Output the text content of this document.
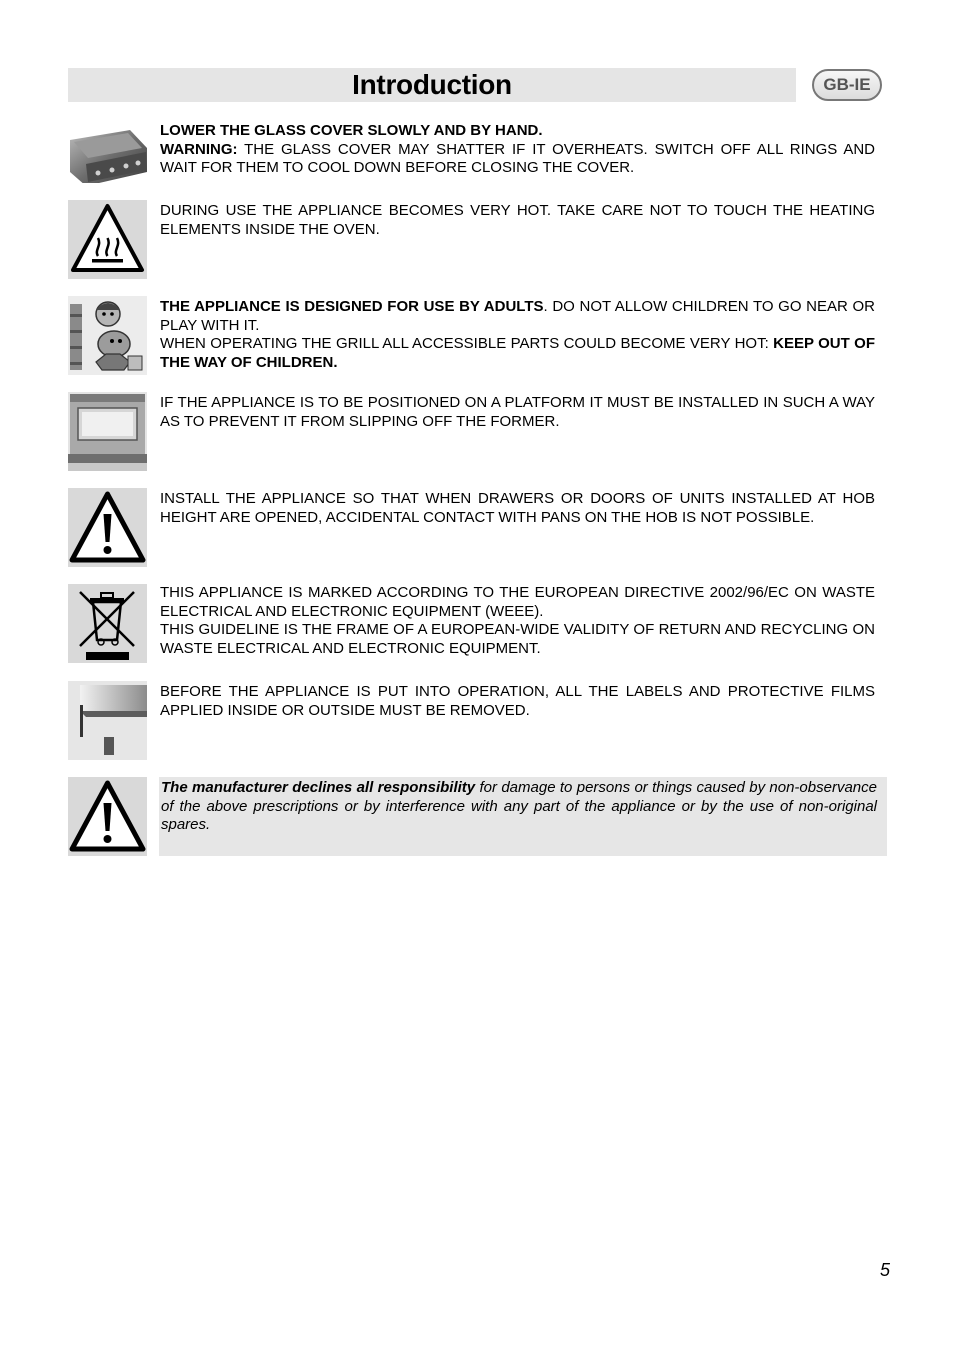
Introduction	GB-IE
LOWER THE GLASS COVER SLOWLY AND BY HAND.
WARNING: THE GLASS COVER MAY SHATTER IF IT OVERHEATS. SWITCH OFF ALL RINGS AND WAIT FOR THEM TO COOL DOWN BEFORE CLOSING THE COVER.
DURING USE THE APPLIANCE BECOMES VERY HOT. TAKE CARE NOT TO TOUCH THE HEATING ELEMENTS INSIDE THE OVEN.
THE APPLIANCE IS DESIGNED FOR USE BY ADULTS. DO NOT ALLOW CHILDREN TO GO NEAR OR PLAY WITH IT.
WHEN OPERATING THE GRILL ALL ACCESSIBLE PARTS COULD BECOME VERY HOT: KEEP OUT OF THE WAY OF CHILDREN.
IF THE APPLIANCE IS TO BE POSITIONED ON A PLATFORM IT MUST BE INSTALLED IN SUCH A WAY AS TO PREVENT IT FROM SLIPPING OFF THE FORMER.
INSTALL THE APPLIANCE SO THAT WHEN DRAWERS OR DOORS OF UNITS INSTALLED AT HOB HEIGHT ARE OPENED, ACCIDENTAL CONTACT WITH PANS ON THE HOB IS NOT POSSIBLE.
THIS APPLIANCE IS MARKED ACCORDING TO THE EUROPEAN DIRECTIVE 2002/96/EC ON WASTE ELECTRICAL AND ELECTRONIC EQUIPMENT (WEEE).
THIS GUIDELINE IS THE FRAME OF A EUROPEAN-WIDE VALIDITY OF RETURN AND RECYCLING ON WASTE ELECTRICAL AND ELECTRONIC EQUIPMENT.
BEFORE THE APPLIANCE IS PUT INTO OPERATION, ALL THE LABELS AND PROTECTIVE FILMS APPLIED INSIDE OR OUTSIDE MUST BE REMOVED.
The manufacturer declines all responsibility for damage to persons or things caused by non-observance of the above prescriptions or by interference with any part of the appliance or by the use of non-original spares.
5
